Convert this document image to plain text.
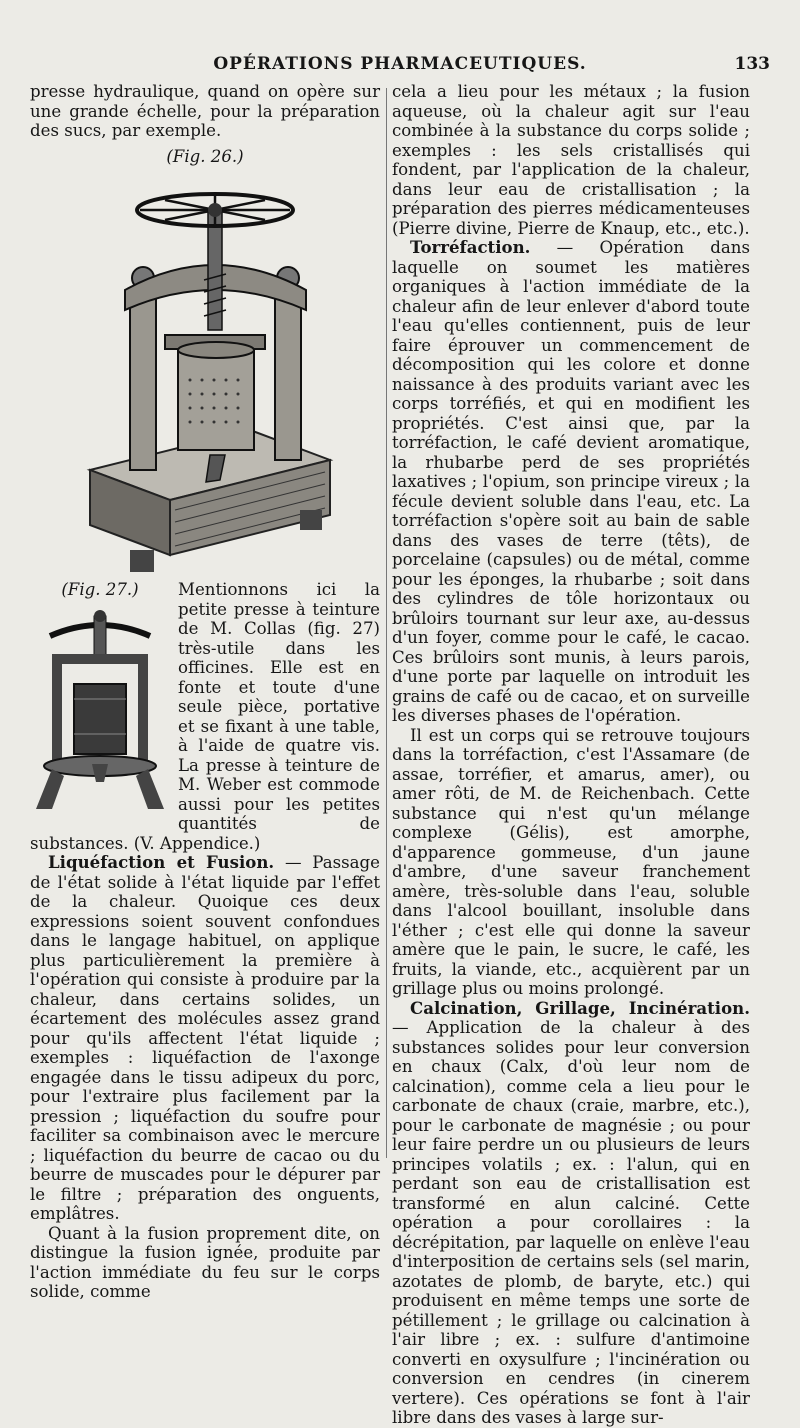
OPÉRATIONS PHARMACEUTIQUES.	133

presse hydraulique, quand on opère sur une grande échelle, pour la préparation des sucs, par exemple.

(Fig. 26.)
(Fig. 27.)	Mentionnons ici la petite presse à teinture de M. Collas (fig. 27) très-utile dans les officines. Elle est en fonte et toute d'une seule pièce, portative et se fixant à une table, à l'aide de quatre vis. La presse à teinture de M. Weber est commode aussi pour les petites quantités de substances. (V. Appendice.)

Liquéfaction et Fusion. — Passage de l'état solide à l'état liquide par l'effet de la chaleur. Quoique ces deux expressions soient souvent confondues dans le langage habituel, on applique plus particulièrement la première à l'opération qui consiste à produire par la chaleur, dans certains solides, un écartement des molécules assez grand pour qu'ils affectent l'état liquide ; exemples : liquéfaction de l'axonge engagée dans le tissu adipeux du porc, pour l'extraire plus facilement par la pression ; liquéfaction du soufre pour faciliter sa combinaison avec le mercure ; liquéfaction du beurre de cacao ou du beurre de muscades pour le dépurer par le filtre ; préparation des onguents, emplâtres.

Quant à la fusion proprement dite, on distingue la fusion ignée, produite par l'action immédiate du feu sur le corps solide, comme

cela a lieu pour les métaux ; la fusion aqueuse, où la chaleur agit sur l'eau combinée à la substance du corps solide ; exemples : les sels cristallisés qui fondent, par l'application de la chaleur, dans leur eau de cristallisation ; la préparation des pierres médicamenteuses (Pierre divine, Pierre de Knaup, etc., etc.).

Torréfaction. — Opération dans laquelle on soumet les matières organiques à l'action immédiate de la chaleur afin de leur enlever d'abord toute l'eau qu'elles contiennent, puis de leur faire éprouver un commencement de décomposition qui les colore et donne naissance à des produits variant avec les corps torréfiés, et qui en modifient les propriétés. C'est ainsi que, par la torréfaction, le café devient aromatique, la rhubarbe perd de ses propriétés laxatives ; l'opium, son principe vireux ; la fécule devient soluble dans l'eau, etc. La torréfaction s'opère soit au bain de sable dans des vases de terre (têts), de porcelaine (capsules) ou de métal, comme pour les éponges, la rhubarbe ; soit dans des cylindres de tôle horizontaux ou brûloirs tournant sur leur axe, au-dessus d'un foyer, comme pour le café, le cacao. Ces brûloirs sont munis, à leurs parois, d'une porte par laquelle on introduit les grains de café ou de cacao, et on surveille les diverses phases de l'opération.

Il est un corps qui se retrouve toujours dans la torréfaction, c'est l'Assamare (de assae, torréfier, et amarus, amer), ou amer rôti, de M. de Reichenbach. Cette substance qui n'est qu'un mélange complexe (Gélis), est amorphe, d'apparence gommeuse, d'un jaune d'ambre, d'une saveur franchement amère, très-soluble dans l'eau, soluble dans l'alcool bouillant, insoluble dans l'éther ; c'est elle qui donne la saveur amère que le pain, le sucre, le café, les fruits, la viande, etc., acquièrent par un grillage plus ou moins prolongé.

Calcination, Grillage, Incinération. — Application de la chaleur à des substances solides pour leur conversion en chaux (Calx, d'où leur nom de calcination), comme cela a lieu pour le carbonate de chaux (craie, marbre, etc.), pour le carbonate de magnésie ; ou pour leur faire perdre un ou plusieurs de leurs principes volatils ; ex. : l'alun, qui en perdant son eau de cristallisation est transformé en alun calciné. Cette opération a pour corollaires : la décrépitation, par laquelle on enlève l'eau d'interposition de certains sels (sel marin, azotates de plomb, de baryte, etc.) qui produisent en même temps une sorte de pétillement ; le grillage ou calcination à l'air libre ; ex. : sulfure d'antimoine converti en oxysulfure ; l'incinération ou conversion en cendres (in cinerem vertere). Ces opérations se font à l'air libre dans des vases à large sur-
